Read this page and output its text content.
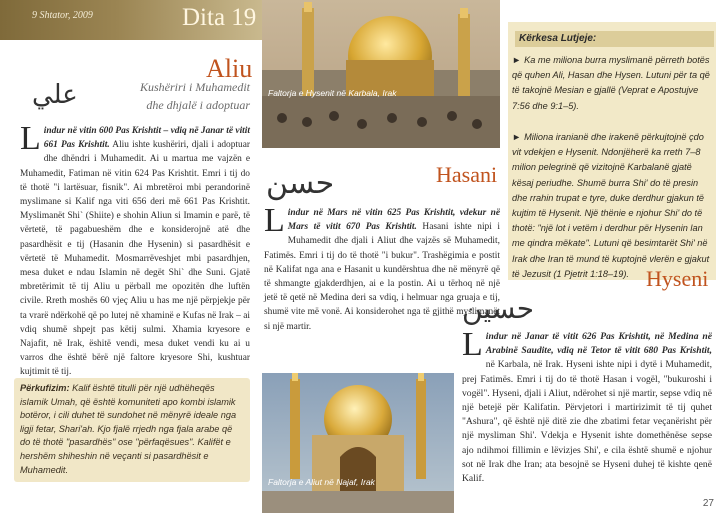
9 Shtator, 2009	Dita 19
Aliu
علي	Kushëriri i Muhamedit
dhe dhjalë i adoptuar
Lindur në vitin 600 Pas Krishtit – vdiq në Janar të vitit 661 Pas Krishtit. Aliu ishte kushëriri, djali i adoptuar dhe dhëndri i Muhamedit. Ai u martua me vajzën e Muhamedit, Fatiman në vitin 624 Pas Krishtit. Emri i tij do të thotë "i lartësuar, fisnik". Ai mbretëroi mbi perandorinë myslimane si Kalif nga viti 656 deri më 661 Pas Krishtit. Myslimanët Shi` (Shiite) e shohin Aliun si Imamin e parë, të vërtetë, të pagabueshëm dhe e konsiderojnë atë dhe pasardhësit e tij (Hasanin dhe Hysenin) si pasardhësit e vërtetë të Muhamedit. Mosmarrëveshjet mbi pasardhjen, mesa duket e ndau Islamin në degët Shi` dhe Suni. Gjatë mbretërimit të tij Aliu u përball me opozitën dhe luftën civile. Rreth moshës 60 vjeç Aliu u has me një përpjekje për ta vrarë ndërkohë që po lutej në xhaminë e Kufas në Irak – ai vdiq shumë shpejt pas këtij sulmi. Xhamia kryesore e Najafit, në Irak, ëshitë vendi, mesa duket vendi ku ai u varros dhe është bërë një faltore kryesore Shi, kushtuar kujtimit të tij.
Përkufizim: Kalif është titulli për një udhëheqës islamik Umah, që është komuniteti apo kombi islamik botëror, i cili duhet të sundohet në mënyrë ideale nga ligji fetar, Shari'ah. Kjo fjalë rrjedh nga fjala arabe që do të thotë "pasardhës" ose "përfaqësues". Kalifët e hershëm shiheshin në veçanti si pasardhësit e Muhamedit.
Faltorja e Hysenit në Karbala, Irak
حسن	Hasani
Lindur në Mars në vitin 625 Pas Krishtit, vdekur në Mars të vitit 670 Pas Krishtit. Hasani ishte nipi i Muhamedit dhe djali i Aliut dhe vajzës së Muhamedit, Fatimës. Emri i tij do të thotë "i bukur". Trashëgimia e postit në Kalifat nga ana e Hasanit u kundërshtua dhe në mënyrë që të shmangte gjakderdhjen, ai e la postin. Ai u tërhoq në një jetë të qetë në Medina deri sa vdiq, i helmuar nga gruaja e tij, shumë vite më vonë. Ai konsiderohet nga të gjithë myslimanët si një martir.
Faltorja e Aliut në Najaf, Irak
Kërkesa Lutjeje:
► Ka me miliona burra myslimanë përreth botës që quhen Ali, Hasan dhe Hysen. Lutuni për ta që të takojnë Mesian e gjallë (Veprat e Apostujve 7:56 dhe 9:1–5).
► Miliona iranianë dhe irakenë përkujtojnë çdo vit vdekjen e Hysenit. Ndonjëherë ka rreth 7–8 milion pelegrinë që vizitojnë Karbalanë gjatë kësaj periudhe. Shumë burra Shi' do të presin dhe rrahin trupat e tyre, duke derdhur gjakun të kujtim të Hysenit. Një thënie e njohur Shi' do të thotë: "një lot i vetëm i derdhur për Hysenin lan me qindra mëkate". Lutuni që besimtarët Shi' në Irak dhe Iran të mund të kuptojnë vlerën e gjakut të Jezusit (1 Pjetrit 1:18–19).
حسين
Hyseni
Lindur në Janar të vitit 626 Pas Krishtit, në Medina në Arabinë Saudite, vdiq në Tetor të vitit 680 Pas Krishtit, në Karbala, në Irak. Hyseni ishte nipi i dytë i Muhamedit, prej Fatimës. Emri i tij do të thotë Hasan i vogël, "bukuroshi i vogël". Hyseni, djali i Aliut, ndërohet si një martir, sepse vdiq në një betejë për Kalifatin. Përvjetori i martirizimit të tij quhet "Ashura", që është një ditë zie dhe zbatimi fetar veçanërisht për një mysliman Shi'. Vdekja e Hysenit ishte domethënëse sepse ajo ndihmoi fillimin e lëvizjes Shi', e cila është shumë e njohur sot në Irak dhe Iran; ata besojnë se Hyseni duhej të kishte qenë Kalif.
27
